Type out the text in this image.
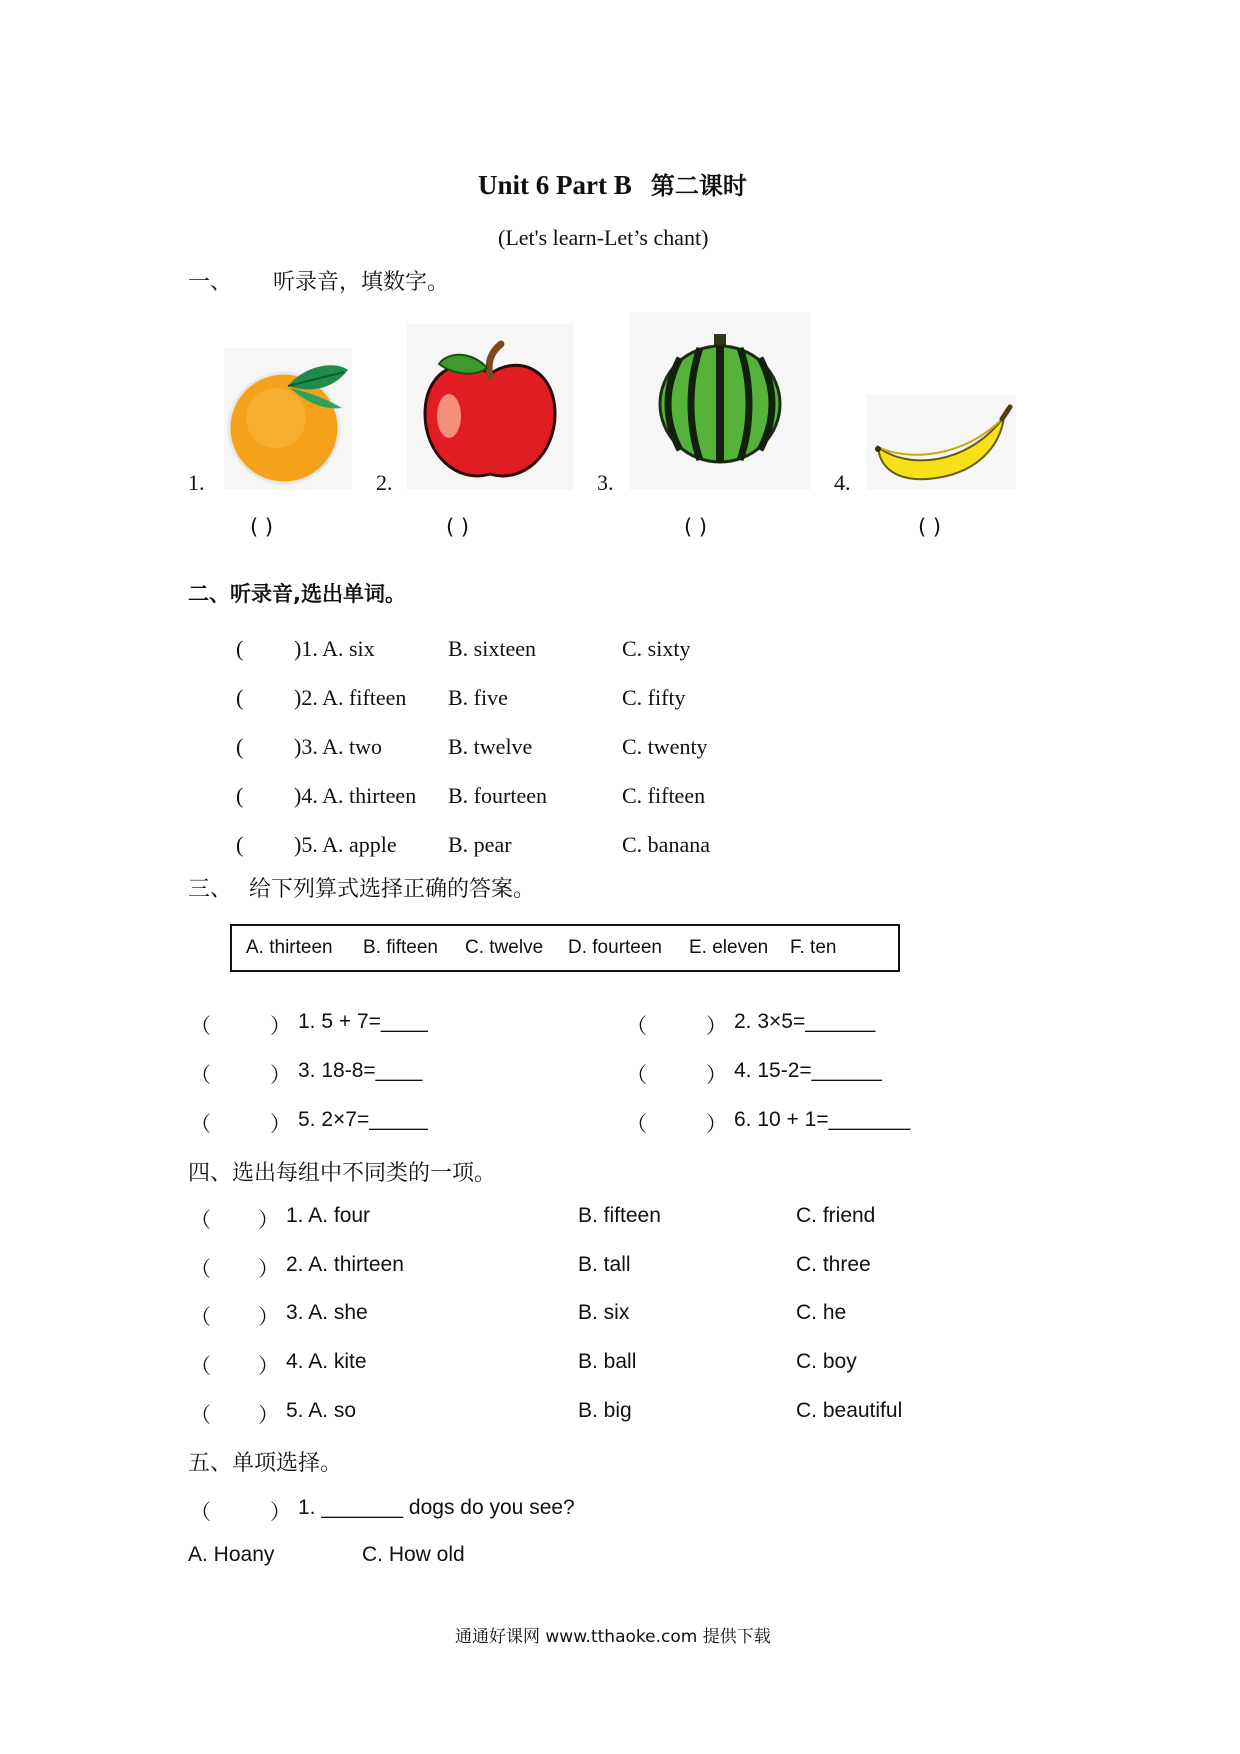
Unit 6 Part B 第二课时
(Let's learn-Let’s chant)
一、 听录音，填数字。
1.
( )
2.
( )
3.
( )
4.
( )
二、听录音,选出单词。
( )1. A. six	B. sixteen	C. sixty
( )2. A. fifteen B. five	C. fifty
( )3. A. two	B. twelve	C. twenty
( )4. A. thirteen B. fourteen	C. fifteen
( )5. A. apple B. pear	C. banana
三、 给下列算式选择正确的答案。
A. thirteen B. fifteen C. twelve D. fourteen E. eleven F. ten
（	） 1. 5 + 7=____	（	） 2. 3×5=______
（	） 3. 18-8=____	（	） 4. 15-2=______
（	） 5. 2×7=_____	（	） 6. 10 + 1=_______
四、选出每组中不同类的一项。
（ ） 1. A. four	B. fifteen	C. friend
（ ） 2. A. thirteen	B. tall	C. three
（ ） 3. A. she	B. six	C. he
（ ） 4. A. kite	B. ball	C. boy
（ ） 5. A. so	B. big	C. beautiful
五、单项选择。
（	） 1. _______ dogs do you see?
A. Hoany	C. How old
通通好课网 www.tthaoke.com 提供下载
